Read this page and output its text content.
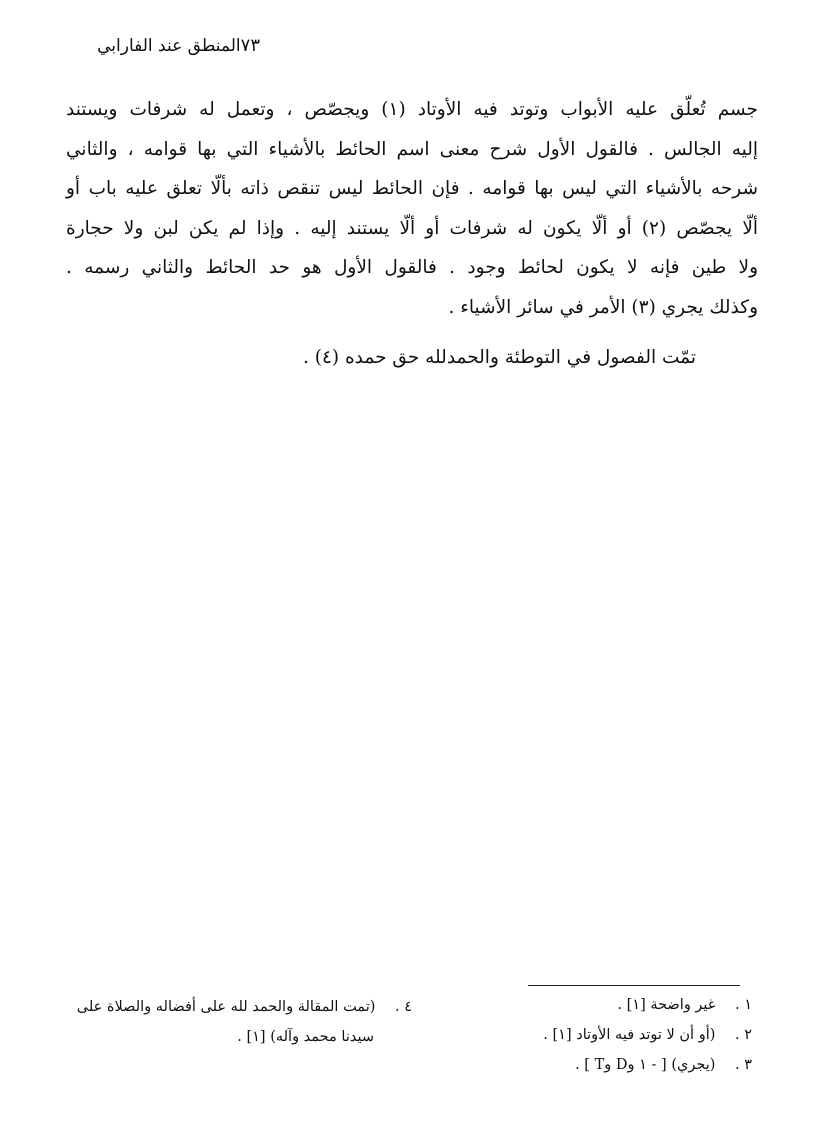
٧٣المنطق عند الفارابي
جسم تُعلّق عليه الأبواب وتوتد فيه الأوتاد (١) ويجصّص ، وتعمل له شرفات ويستند
إليه الجالس . فالقول الأول شرح معنى اسم الحائط بالأشياء التي بها قوامه ، والثاني
شرحه بالأشياء التي ليس بها قوامه . فإن الحائط ليس تنقص ذاته بألّا تعلق عليه باب أو
ألّا يجصّص (٢) أو ألّا يكون له شرفات أو ألّا يستند إليه . وإذا لم يكن لبن ولا حجارة
ولا طين فإنه لا يكون لحائط وجود . فالقول الأول هو حد الحائط والثاني رسمه .
وكذلك يجري (٣) الأمر في سائر الأشياء .
تمّت الفصول في التوطئة والحمدلله حق حمده (٤) .
١ . غير واضحة [١] .
٢ . (أو أن لا توتد فيه الأوتاد [١] .
٣ . (يجري) [ - ١ وD وT ] .
٤ . (تمت المقالة والحمد لله على أفضاله والصلاة على
سيدنا محمد وآله) [١] .
